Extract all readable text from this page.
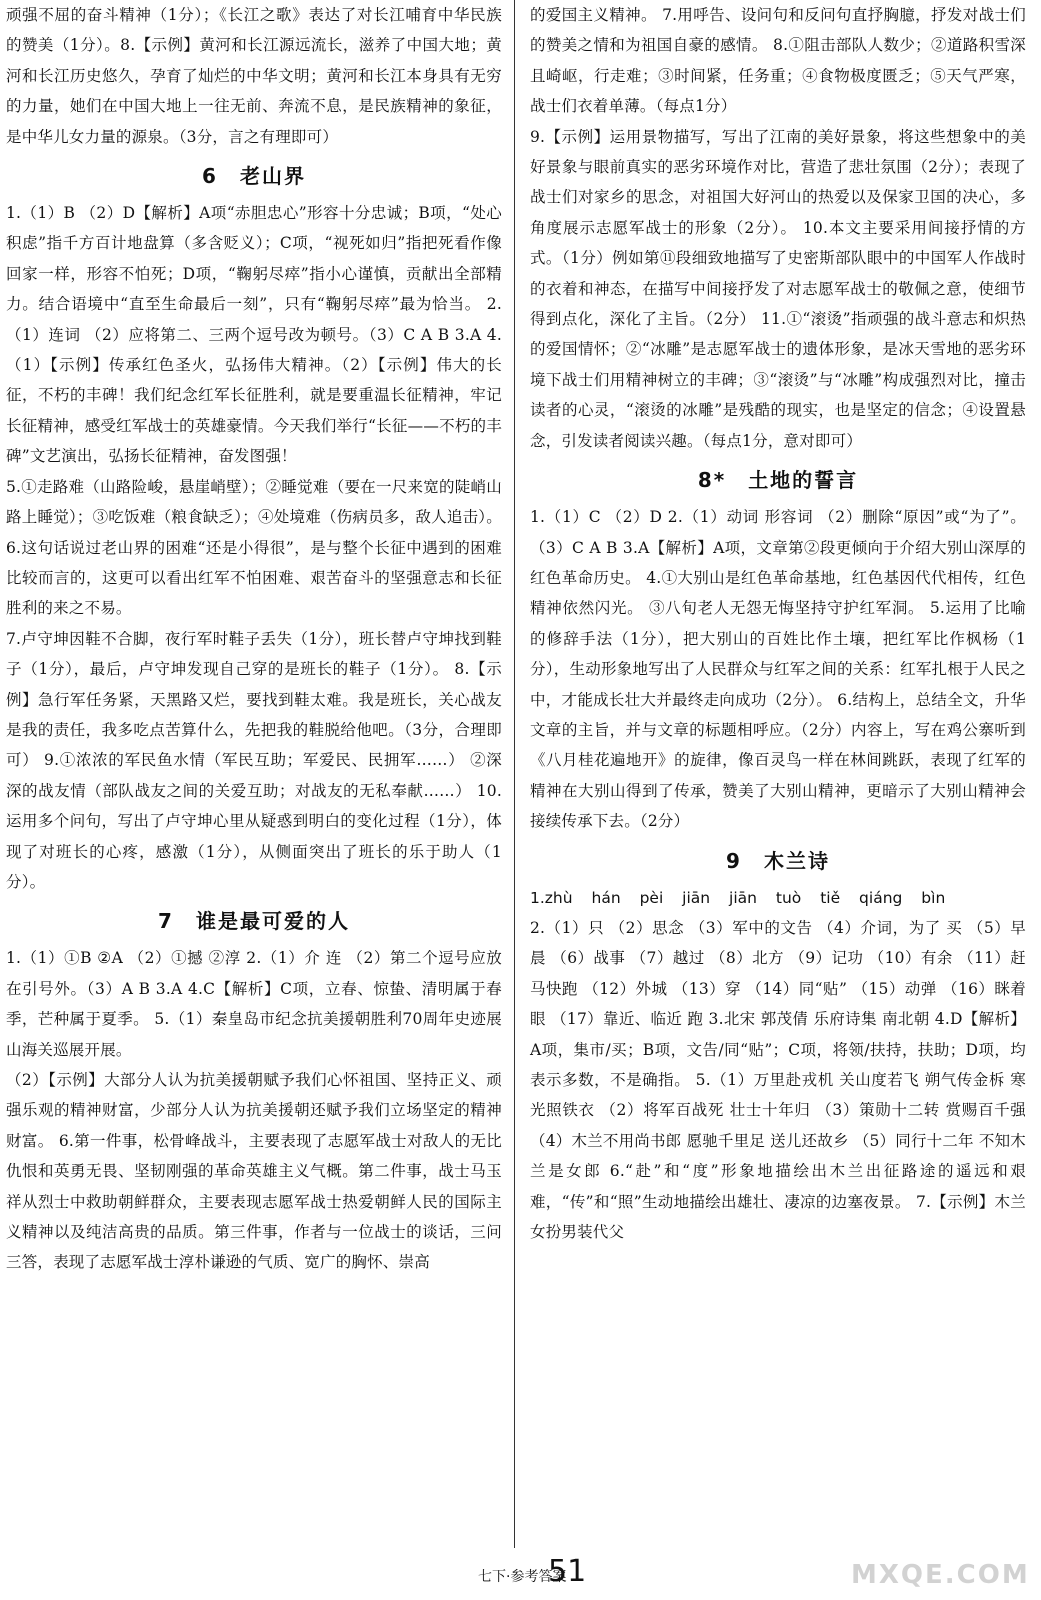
顽强不屈的奋斗精神（1分）；《长江之歌》表达了对长江哺育中华民族的赞美（1分）。8.【示例】黄河和长江源远流长，滋养了中国大地；黄河和长江历史悠久，孕育了灿烂的中华文明；黄河和长江本身具有无穷的力量，她们在中国大地上一往无前、奔流不息，是民族精神的象征，是中华儿女力量的源泉。（3分，言之有理即可）

6 老山界

1.（1）B （2）D【解析】A项“赤胆忠心”形容十分忠诚；B项，“处心积虑”指千方百计地盘算（多含贬义）；C项，“视死如归”指把死看作像回家一样，形容不怕死；D项，“鞠躬尽瘁”指小心谨慎，贡献出全部精力。结合语境中“直至生命最后一刻”，只有“鞠躬尽瘁”最为恰当。 2.（1）连词 （2）应将第二、三两个逗号改为顿号。（3）C A B 3.A 4.（1）【示例】传承红色圣火，弘扬伟大精神。（2）【示例】伟大的长征，不朽的丰碑！我们纪念红军长征胜利，就是要重温长征精神，牢记长征精神，感受红军战士的英雄豪情。今天我们举行“长征——不朽的丰碑”文艺演出，弘扬长征精神，奋发图强！

5.①走路难（山路险峻，悬崖峭壁）；②睡觉难（要在一尺来宽的陡峭山路上睡觉）；③吃饭难（粮食缺乏）；④处境难（伤病员多，敌人追击）。 6.这句话说过老山界的困难“还是小得很”，是与整个长征中遇到的困难比较而言的，这更可以看出红军不怕困难、艰苦奋斗的坚强意志和长征胜利的来之不易。

7.卢守坤因鞋不合脚，夜行军时鞋子丢失（1分），班长替卢守坤找到鞋子（1分），最后，卢守坤发现自己穿的是班长的鞋子（1分）。 8.【示例】急行军任务紧，天黑路又烂，要找到鞋太难。我是班长，关心战友是我的责任，我多吃点苦算什么，先把我的鞋脱给他吧。（3分，合理即可） 9.①浓浓的军民鱼水情（军民互助；军爱民、民拥军……） ②深深的战友情（部队战友之间的关爱互助；对战友的无私奉献……） 10.运用多个问句，写出了卢守坤心里从疑惑到明白的变化过程（1分），体现了对班长的心疼，感激（1分），从侧面突出了班长的乐于助人（1分）。

7 谁是最可爱的人

1.（1）①B ②A （2）①撼 ②淳 2.（1）介 连 （2）第二个逗号应放在引号外。（3）A B 3.A 4.C【解析】C项，立春、惊蛰、清明属于春季，芒种属于夏季。 5.（1）秦皇岛市纪念抗美援朝胜利70周年史迹展山海关巡展开展。

（2）【示例】大部分人认为抗美援朝赋予我们心怀祖国、坚持正义、顽强乐观的精神财富，少部分人认为抗美援朝还赋予我们立场坚定的精神财富。 6.第一件事，松骨峰战斗，主要表现了志愿军战士对敌人的无比仇恨和英勇无畏、坚韧刚强的革命英雄主义气概。第二件事，战士马玉祥从烈士中救助朝鲜群众，主要表现志愿军战士热爱朝鲜人民的国际主义精神以及纯洁高贵的品质。第三件事，作者与一位战士的谈话，三问三答，表现了志愿军战士淳朴谦逊的气质、宽广的胸怀、崇高

的爱国主义精神。 7.用呼告、设问句和反问句直抒胸臆，抒发对战士们的赞美之情和为祖国自豪的感情。 8.①阻击部队人数少；②道路积雪深且崎岖，行走难；③时间紧，任务重；④食物极度匮乏；⑤天气严寒，战士们衣着单薄。（每点1分）

9.【示例】运用景物描写，写出了江南的美好景象，将这些想象中的美好景象与眼前真实的恶劣环境作对比，营造了悲壮氛围（2分）；表现了战士们对家乡的思念，对祖国大好河山的热爱以及保家卫国的决心，多角度展示志愿军战士的形象（2分）。 10.本文主要采用间接抒情的方式。（1分）例如第⑪段细致地描写了史密斯部队眼中的中国军人作战时的衣着和神态，在描写中间接抒发了对志愿军战士的敬佩之意，使细节得到点化，深化了主旨。（2分） 11.①“滚烫”指顽强的战斗意志和炽热的爱国情怀；②“冰雕”是志愿军战士的遗体形象，是冰天雪地的恶劣环境下战士们用精神树立的丰碑；③“滚烫”与“冰雕”构成强烈对比，撞击读者的心灵，“滚烫的冰雕”是残酷的现实，也是坚定的信念；④设置悬念，引发读者阅读兴趣。（每点1分，意对即可）

8* 土地的誓言

1.（1）C （2）D 2.（1）动词 形容词 （2）删除“原因”或“为了”。（3）C A B 3.A【解析】A项，文章第②段更倾向于介绍大别山深厚的红色革命历史。 4.①大别山是红色革命基地，红色基因代代相传，红色精神依然闪光。 ③八旬老人无怨无悔坚持守护红军洞。 5.运用了比喻的修辞手法（1分），把大别山的百姓比作土壤，把红军比作枫杨（1分），生动形象地写出了人民群众与红军之间的关系：红军扎根于人民之中，才能成长壮大并最终走向成功（2分）。 6.结构上，总结全文，升华文章的主旨，并与文章的标题相呼应。（2分）内容上，写在鸡公寨听到《八月桂花遍地开》的旋律，像百灵鸟一样在林间跳跃，表现了红军的精神在大别山得到了传承，赞美了大别山精神，更暗示了大别山精神会接续传承下去。（2分）

9 木兰诗

1.zhù hán pèi jiān jiān tuò tiě qiáng bìn

2.（1）只 （2）思念 （3）军中的文告 （4）介词，为了 买 （5）早晨 （6）战事 （7）越过 （8）北方 （9）记功 （10）有余 （11）赶马快跑 （12）外城 （13）穿 （14）同“贴” （15）动弹 （16）眯着眼 （17）靠近、临近 跑 3.北宋 郭茂倩 乐府诗集 南北朝 4.D【解析】A项，集市/买；B项，文告/同“贴”；C项，将领/扶持，扶助；D项，均表示多数，不是确指。 5.（1）万里赴戎机 关山度若飞 朔气传金柝 寒光照铁衣 （2）将军百战死 壮士十年归 （3）策勋十二转 赏赐百千强 （4）木兰不用尚书郎 愿驰千里足 送儿还故乡 （5）同行十二年 不知木兰是女郎 6.“赴”和“度”形象地描绘出木兰出征路途的遥远和艰难，“传”和“照”生动地描绘出雄壮、凄凉的边塞夜景。 7.【示例】木兰女扮男装代父

七下·参考答案
51	MXQE.COM
